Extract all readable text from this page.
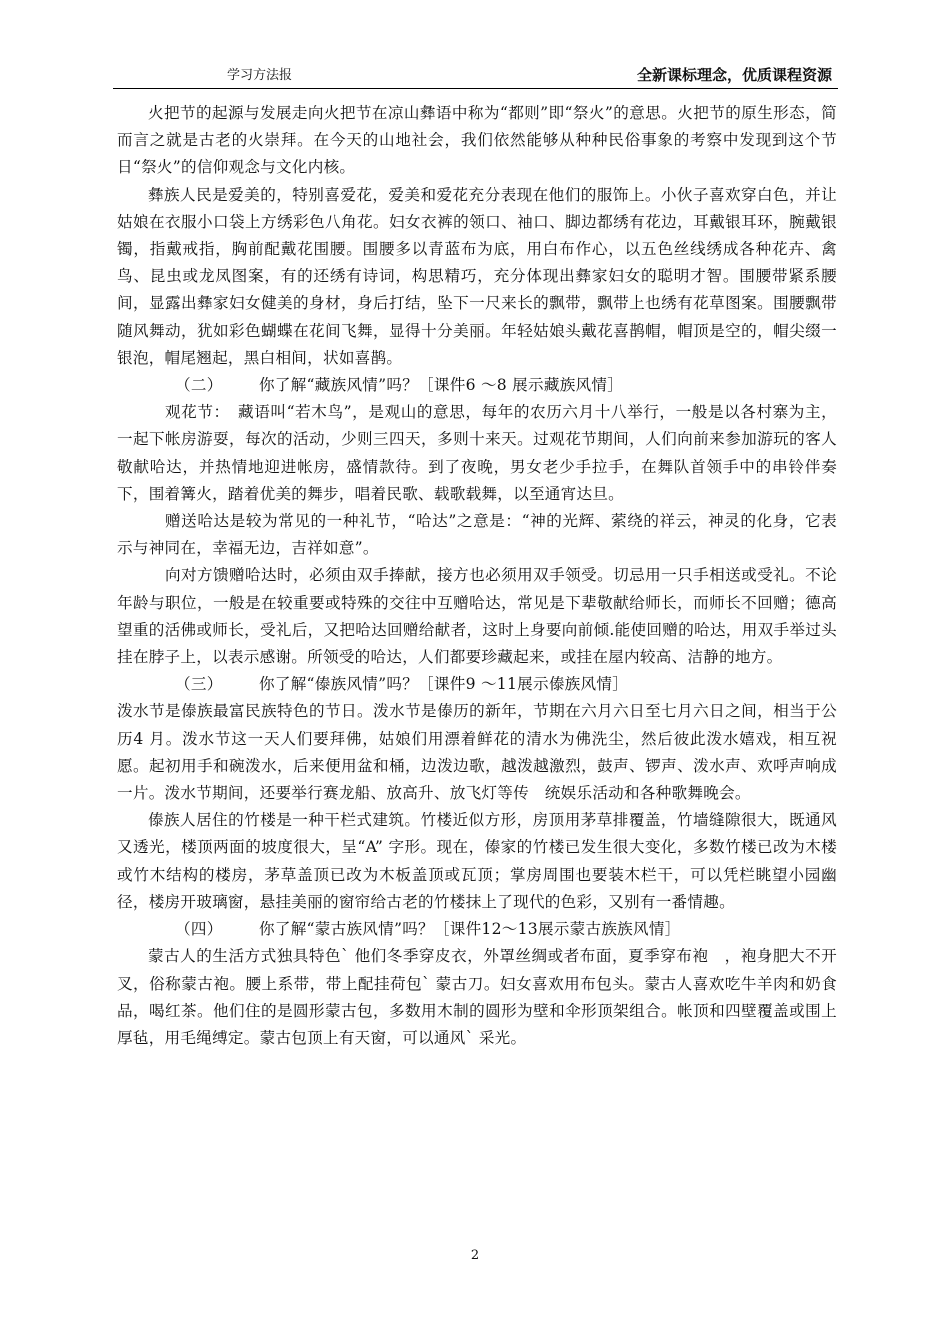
学习方法报	全新课标理念，优质课程资源

火把节的起源与发展走向火把节在凉山彝语中称为“都则”即“祭火”的意思。火把节的原生形态，简而言之就是古老的火崇拜。在今天的山地社会，我们依然能够从种种民俗事象的考察中发现到这个节日“祭火”的信仰观念与文化内核。

彝族人民是爱美的，特别喜爱花，爱美和爱花充分表现在他们的服饰上。小伙子喜欢穿白色，并让姑娘在衣服小口袋上方绣彩色八角花。妇女衣裤的领口、袖口、脚边都绣有花边，耳戴银耳环，腕戴银镯，指戴戒指，胸前配戴花围腰。围腰多以青蓝布为底，用白布作心，以五色丝线绣成各种花卉、禽鸟、昆虫或龙凤图案，有的还绣有诗词，构思精巧，充分体现出彝家妇女的聪明才智。围腰带紧系腰间，显露出彝家妇女健美的身材，身后打结，坠下一尺来长的飘带，飘带上也绣有花草图案。围腰飘带随风舞动，犹如彩色蝴蝶在花间飞舞，显得十分美丽。年轻姑娘头戴花喜鹊帽，帽顶是空的，帽尖缀一银泡，帽尾翘起，黑白相间，状如喜鹊。

（二） 你了解“藏族风情”吗？［课件6 ～8 展示藏族风情］

观花节：　藏语叫“若木鸟”，是观山的意思，每年的农历六月十八举行，一般是以各村寨为主，一起下帐房游耍，每次的活动，少则三四天，多则十来天。过观花节期间，人们向前来参加游玩的客人敬献哈达，并热情地迎进帐房，盛情款待。到了夜晚，男女老少手拉手，在舞队首领手中的串铃伴奏下，围着篝火，踏着优美的舞步，唱着民歌、载歌载舞，以至通宵达旦。

赠送哈达是较为常见的一种礼节，“哈达”之意是：“神的光辉、萦绕的祥云，神灵的化身，它表示与神同在，幸福无边，吉祥如意”。

向对方馈赠哈达时，必须由双手捧献，接方也必须用双手领受。切忌用一只手相送或受礼。不论年龄与职位，一般是在较重要或特殊的交往中互赠哈达，常见是下辈敬献给师长，而师长不回赠；德高望重的活佛或师长，受礼后，又把哈达回赠给献者，这时上身要向前倾.能使回赠的哈达，用双手举过头挂在脖子上，以表示感谢。所领受的哈达，人们都要珍藏起来，或挂在屋内较高、洁静的地方。

（三） 你了解“傣族风情”吗？［课件9 ～11展示傣族风情］

泼水节是傣族最富民族特色的节日。泼水节是傣历的新年，节期在六月六日至七月六日之间，相当于公历4 月。泼水节这一天人们要拜佛，姑娘们用漂着鲜花的清水为佛洗尘，然后彼此泼水嬉戏，相互祝愿。起初用手和碗泼水，后来便用盆和桶，边泼边歌，越泼越激烈，鼓声、锣声、泼水声、欢呼声响成一片。泼水节期间，还要举行赛龙船、放高升、放飞灯等传　统娱乐活动和各种歌舞晚会。

傣族人居住的竹楼是一种干栏式建筑。竹楼近似方形，房顶用茅草排覆盖，竹墙缝隙很大，既通风又透光，楼顶两面的坡度很大，呈“A” 字形。现在，傣家的竹楼已发生很大变化，多数竹楼已改为木楼或竹木结构的楼房，茅草盖顶已改为木板盖顶或瓦顶；掌房周围也要装木栏干，可以凭栏眺望小园幽径，楼房开玻璃窗，悬挂美丽的窗帘给古老的竹楼抹上了现代的色彩，又别有一番情趣。

（四） 你了解“蒙古族风情”吗？［课件12～13展示蒙古族族风情］

蒙古人的生活方式独具特色` 他们冬季穿皮衣，外罩丝绸或者布面，夏季穿布袍　，袍身肥大不开叉，俗称蒙古袍。腰上系带，带上配挂荷包` 蒙古刀。妇女喜欢用布包头。蒙古人喜欢吃牛羊肉和奶食品，喝红茶。他们住的是圆形蒙古包，多数用木制的圆形为壁和伞形顶架组合。帐顶和四壁覆盖或围上厚毡，用毛绳缚定。蒙古包顶上有天窗，可以通风` 采光。

2
